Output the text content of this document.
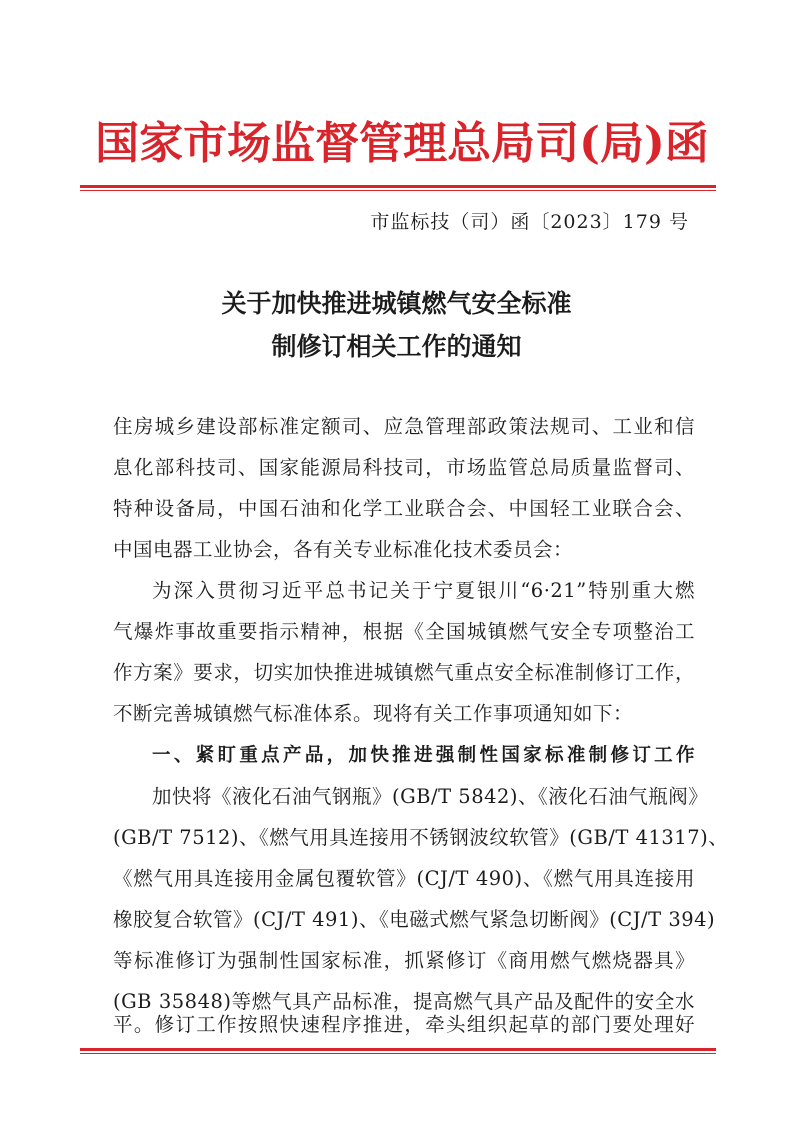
国家市场监督管理总局司(局)函
市监标技（司）函〔2023〕179 号
关于加快推进城镇燃气安全标准
制修订相关工作的通知
住房城乡建设部标准定额司、应急管理部政策法规司、工业和信
息化部科技司、国家能源局科技司，市场监管总局质量监督司、
特种设备局，中国石油和化学工业联合会、中国轻工业联合会、
中国电器工业协会，各有关专业标准化技术委员会：
为深入贯彻习近平总书记关于宁夏银川“6·21”特别重大燃
气爆炸事故重要指示精神，根据《全国城镇燃气安全专项整治工
作方案》要求，切实加快推进城镇燃气重点安全标准制修订工作，
不断完善城镇燃气标准体系。现将有关工作事项通知如下：
一、紧盯重点产品，加快推进强制性国家标准制修订工作
加快将《液化石油气钢瓶》(GB/T 5842)、《液化石油气瓶阀》
(GB/T 7512)、《燃气用具连接用不锈钢波纹软管》(GB/T 41317)、
《燃气用具连接用金属包覆软管》(CJ/T 490)、《燃气用具连接用
橡胶复合软管》(CJ/T 491)、《电磁式燃气紧急切断阀》(CJ/T 394)
等标准修订为强制性国家标准，抓紧修订《商用燃气燃烧器具》
(GB 35848)等燃气具产品标准，提高燃气具产品及配件的安全水
平。修订工作按照快速程序推进，牵头组织起草的部门要处理好
